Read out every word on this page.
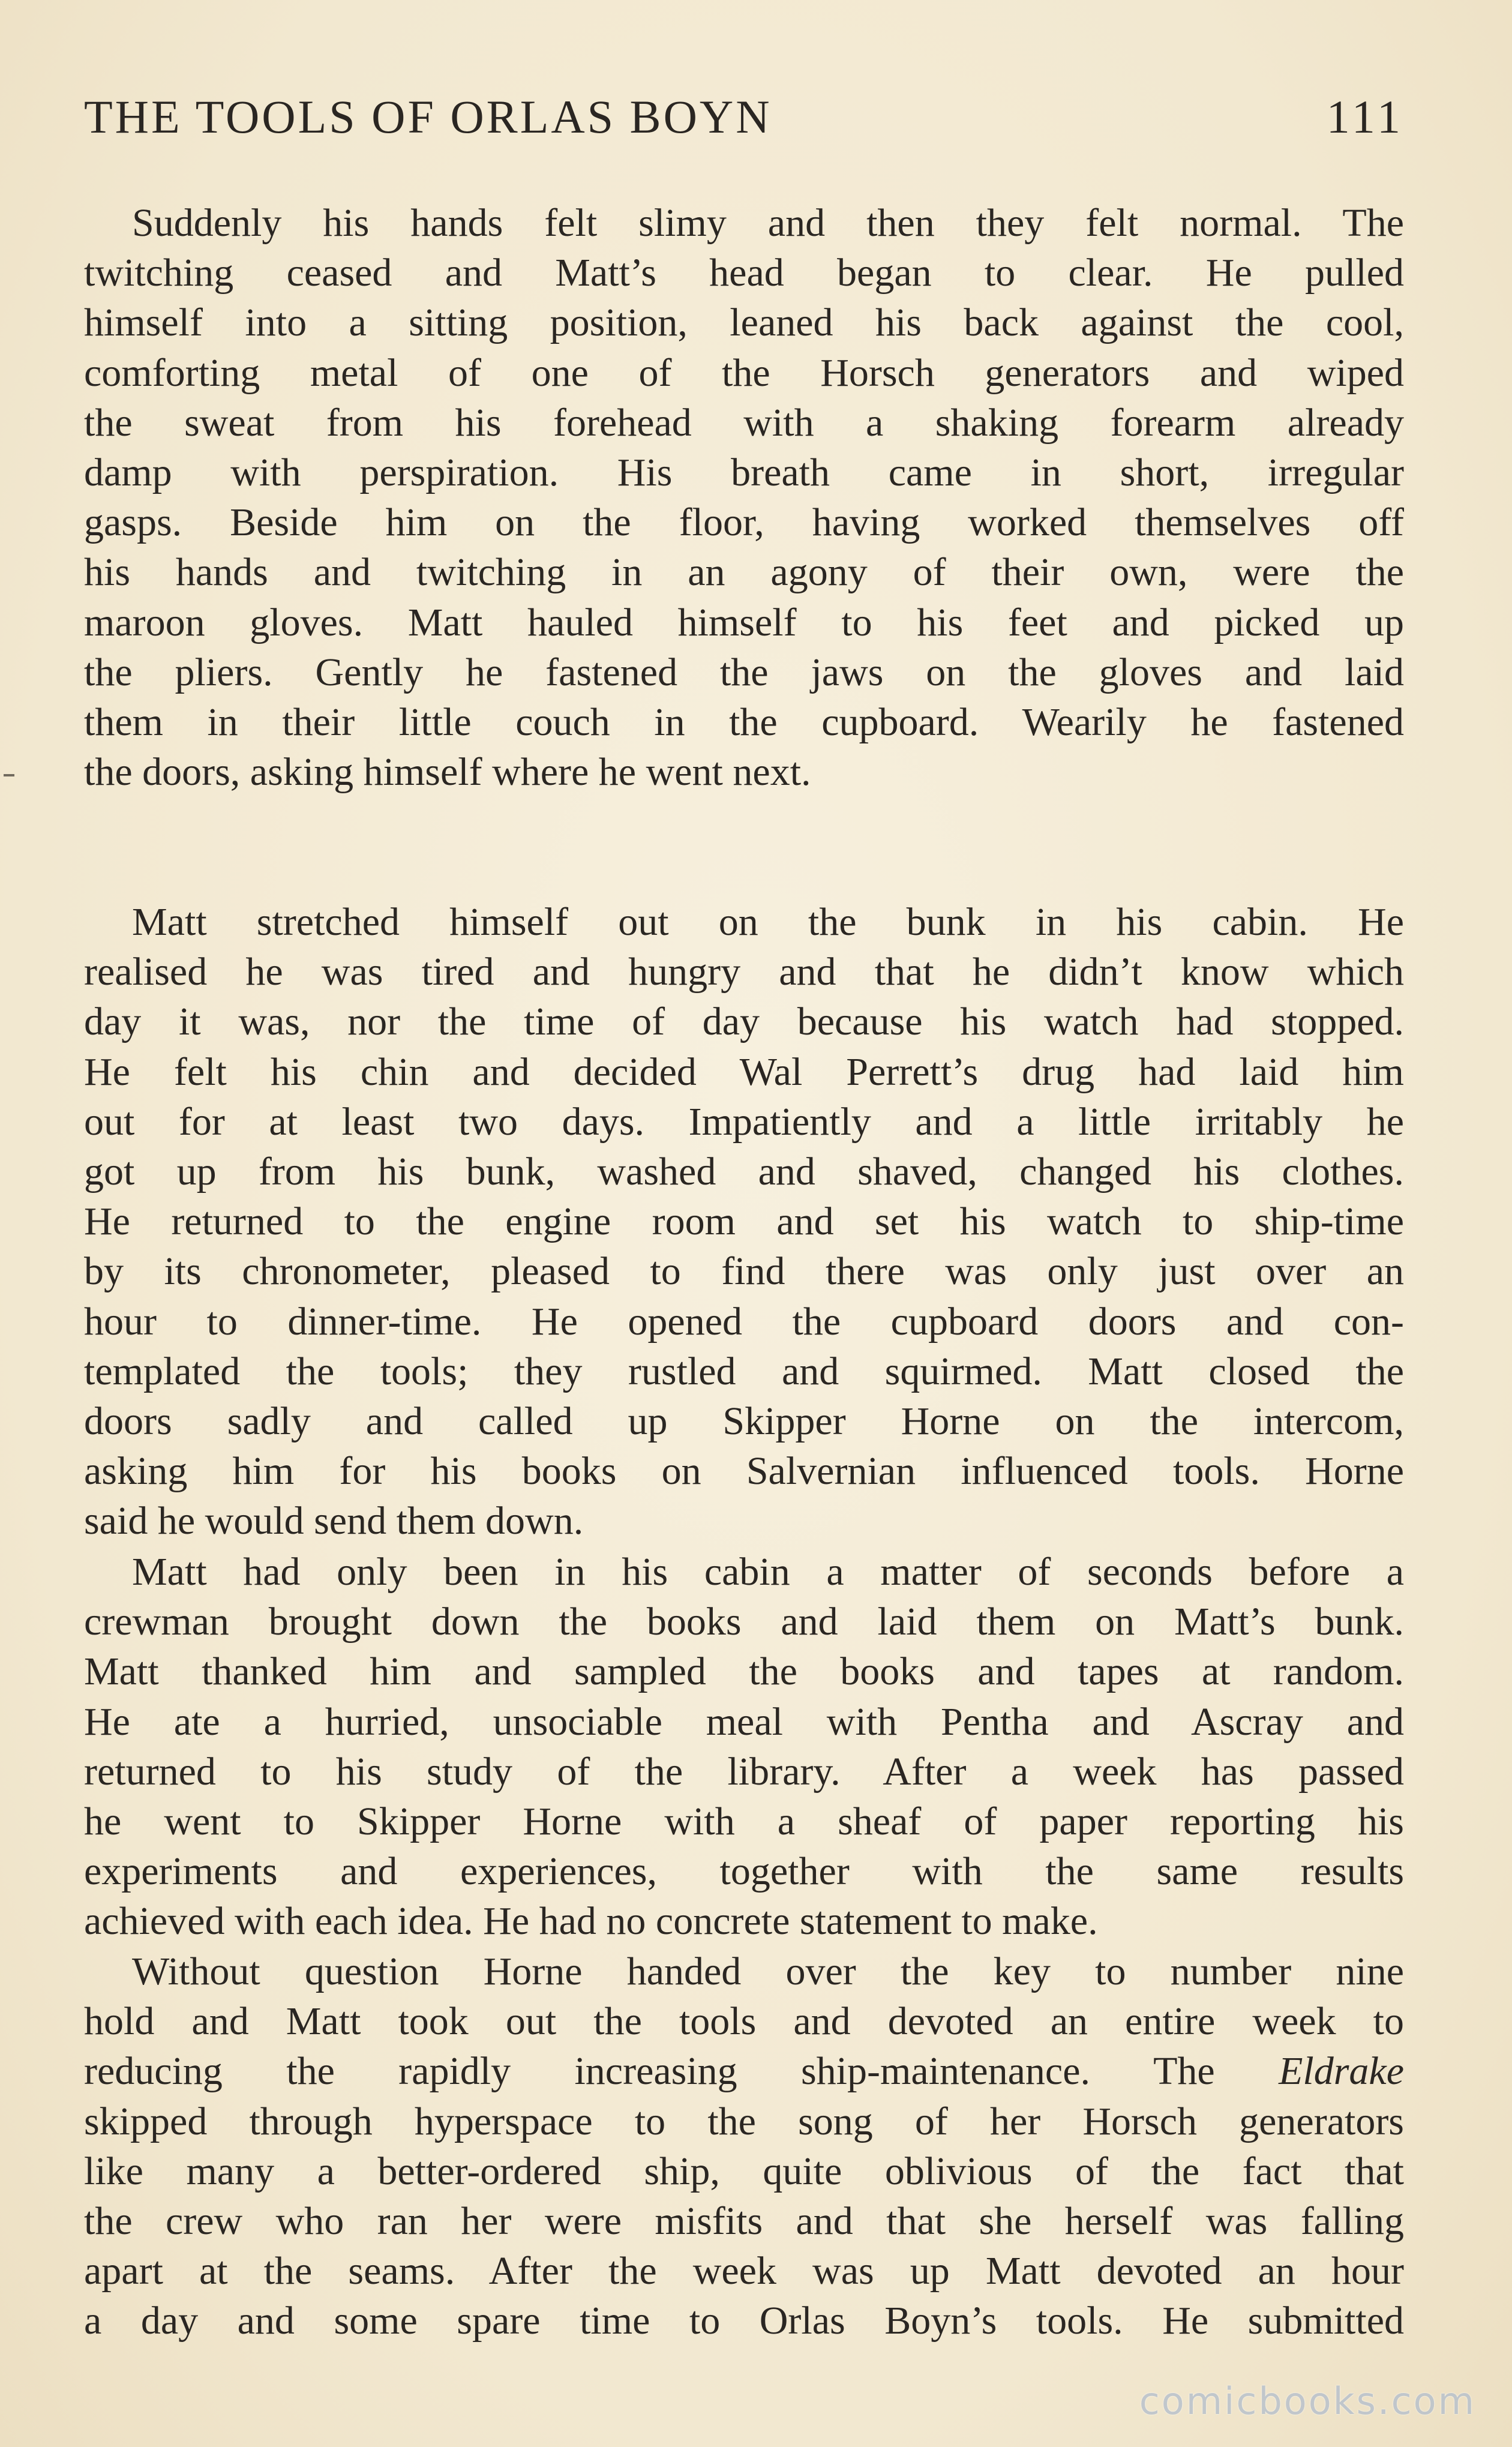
THE TOOLS OF ORLAS BOYN	111
Suddenly his hands felt slimy and then they felt normal. The
twitching ceased and Matt’s head began to clear. He pulled
himself into a sitting position, leaned his back against the cool,
comforting metal of one of the Horsch generators and wiped
the sweat from his forehead with a shaking forearm already
damp with perspiration. His breath came in short, irregular
gasps. Beside him on the floor, having worked themselves off
his hands and twitching in an agony of their own, were the
maroon gloves. Matt hauled himself to his feet and picked up
the pliers. Gently he fastened the jaws on the gloves and laid
them in their little couch in the cupboard. Wearily he fastened
the doors, asking himself where he went next.
Matt stretched himself out on the bunk in his cabin. He
realised he was tired and hungry and that he didn’t know which
day it was, nor the time of day because his watch had stopped.
He felt his chin and decided Wal Perrett’s drug had laid him
out for at least two days. Impatiently and a little irritably he
got up from his bunk, washed and shaved, changed his clothes.
He returned to the engine room and set his watch to ship-time
by its chronometer, pleased to find there was only just over an
hour to dinner-time. He opened the cupboard doors and con-
templated the tools; they rustled and squirmed. Matt closed the
doors sadly and called up Skipper Horne on the intercom,
asking him for his books on Salvernian influenced tools. Horne
said he would send them down.
Matt had only been in his cabin a matter of seconds before a
crewman brought down the books and laid them on Matt’s bunk.
Matt thanked him and sampled the books and tapes at random.
He ate a hurried, unsociable meal with Pentha and Ascray and
returned to his study of the library. After a week has passed
he went to Skipper Horne with a sheaf of paper reporting his
experiments and experiences, together with the same results
achieved with each idea. He had no concrete statement to make.
Without question Horne handed over the key to number nine
hold and Matt took out the tools and devoted an entire week to
reducing the rapidly increasing ship-maintenance. The Eldrake
skipped through hyperspace to the song of her Horsch generators
like many a better-ordered ship, quite oblivious of the fact that
the crew who ran her were misfits and that she herself was falling
apart at the seams. After the week was up Matt devoted an hour
a day and some spare time to Orlas Boyn’s tools. He submitted
comicbooks.com
